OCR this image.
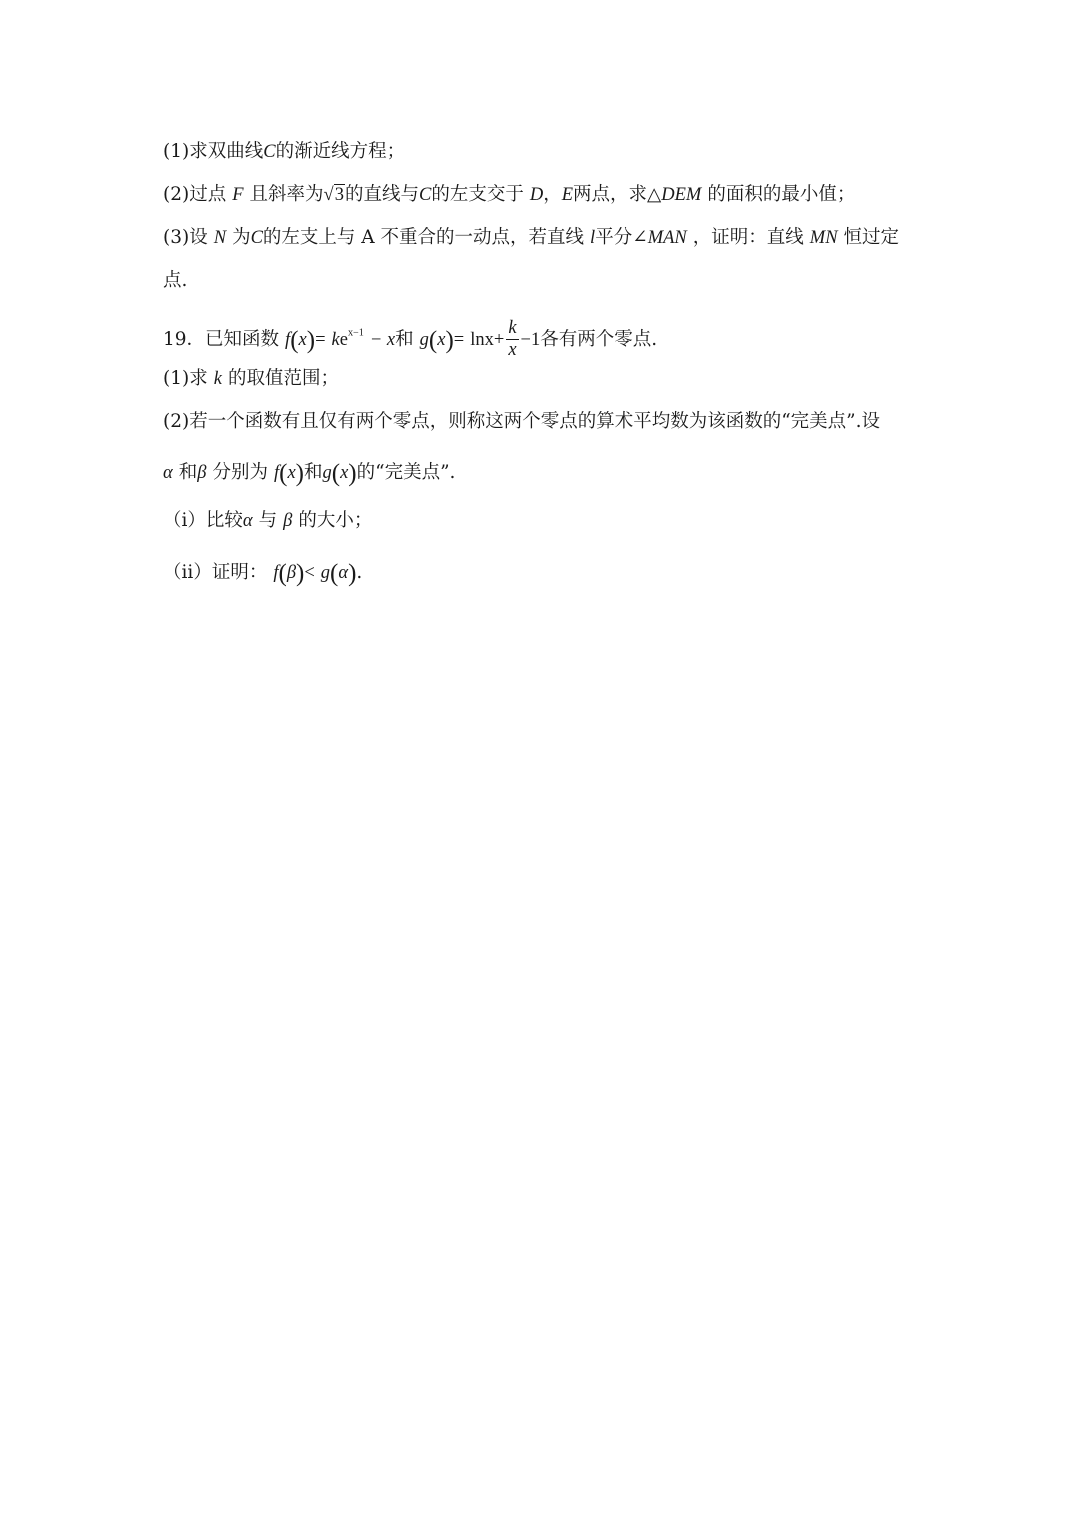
(1)求双曲线C的渐近线方程；
(2)过点 F 且斜率为√3的直线与C的左支交于 D，E两点，求△DEM 的面积的最小值；
(3)设 N 为C的左支上与 A 不重合的一动点，若直线 l平分∠MAN ，证明：直线 MN 恒过定
点.
19．已知函数 $f(x)= ke^{x-1} - x$和 $g(x)= \ln x+ \frac{k}{x} -1$各有两个零点.
(1)求 k 的取值范围；
(2)若一个函数有且仅有两个零点，则称这两个零点的算术平均数为该函数的“完美点”.设
α 和β 分别为 f(x)和g(x)的“完美点”.
（i）比较α 与 β 的大小；
（ii）证明： f(β)< g(α).
